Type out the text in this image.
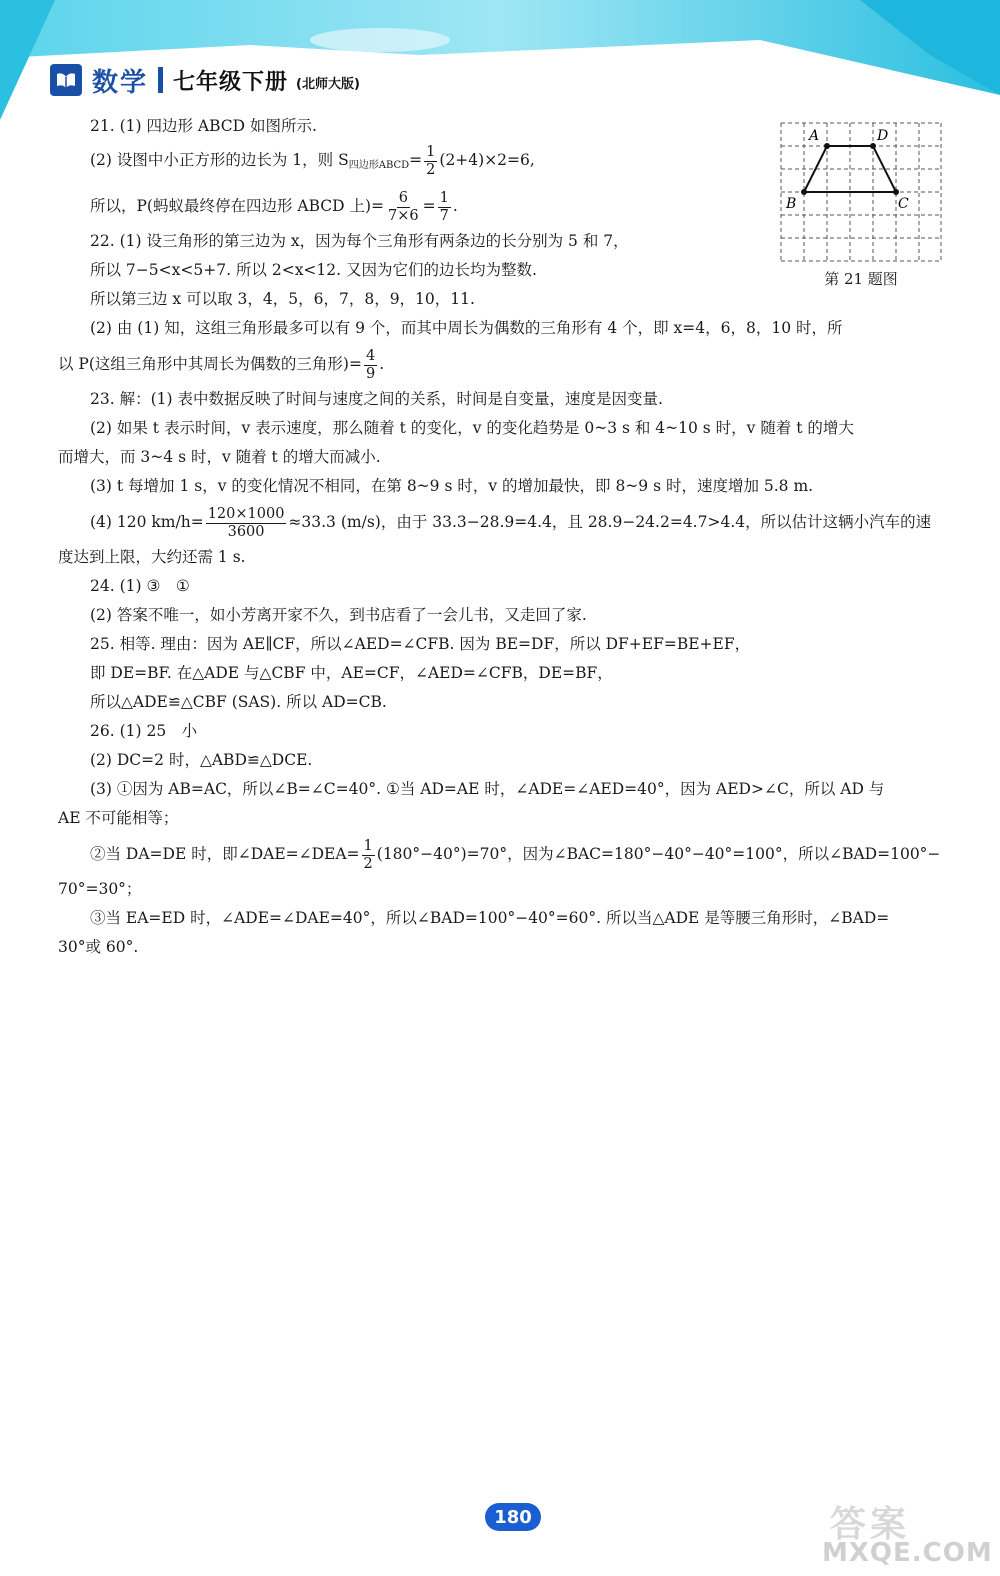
数学 七年级下册 (北师大版)
A	D
B	C
第 21 题图

21. (1) 四边形 ABCD 如图所示.

(2) 设图中小正方形的边长为 1，则 $S_{四边形ABCD}= \frac{1}{2} (2+4)\times 2=6$,

所以，P(蚂蚁最终停在四边形 ABCD 上)= $\frac{6}{7\times 6} = \frac{1}{7}$ .

22. (1) 设三角形的第三边为 x，因为每个三角形有两条边的长分别为 5 和 7，

所以 7−5<x<5+7. 所以 2<x<12. 又因为它们的边长均为整数.

所以第三边 x 可以取 3，4，5，6，7，8，9，10，11.

(2) 由 (1) 知，这组三角形最多可以有 9 个，而其中周长为偶数的三角形有 4 个，即 x=4，6，8，10 时，所

以 P(这组三角形中其周长为偶数的三角形)= $\frac{4}{9}$ .

23. 解：(1) 表中数据反映了时间与速度之间的关系，时间是自变量，速度是因变量.

(2) 如果 t 表示时间，v 表示速度，那么随着 t 的变化，v 的变化趋势是 0~3 s 和 4~10 s 时，v 随着 t 的增大

而增大，而 3~4 s 时，v 随着 t 的增大而减小.

(3) t 每增加 1 s，v 的变化情况不相同，在第 8~9 s 时，v 的增加最快，即 8~9 s 时，速度增加 5.8 m.

(4) 120 $km/h= \frac{120\times 1000}{3600} \approx 33.3$ (m/s)，由于 33.3−28.9=4.4，且 28.9−24.2=4.7>4.4，所以估计这辆小汽车的速

度达到上限，大约还需 1 s.

24. (1) ③　①

(2) 答案不唯一，如小芳离开家不久，到书店看了一会儿书，又走回了家.

25. 相等. 理由：因为 AE∥CF，所以∠AED=∠CFB. 因为 BE=DF，所以 DF+EF=BE+EF，

即 DE=BF. 在△ADE 与△CBF 中，AE=CF，∠AED=∠CFB，DE=BF，

所以△ADE≌△CBF (SAS). 所以 AD=CB.

26. (1) 25　小

(2) DC=2 时，△ABD≌△DCE.

(3) ①因为 AB=AC，所以∠B=∠C=40°. ①当 AD=AE 时，∠ADE=∠AED=40°，因为 AED>∠C，所以 AD 与

AE 不可能相等；

②当 DA=DE 时，即∠DAE=∠DEA= $\frac{1}{2} (180^\circ-40^\circ)=70^\circ$，因为∠BAC=180°−40°−40°=100°，所以∠BAD=100°−

70°=30°；

③当 EA=ED 时，∠ADE=∠DAE=40°，所以∠BAD=100°−40°=60°. 所以当△ADE 是等腰三角形时，∠BAD=

30°或 60°.

180	答案
MXQE.COM
